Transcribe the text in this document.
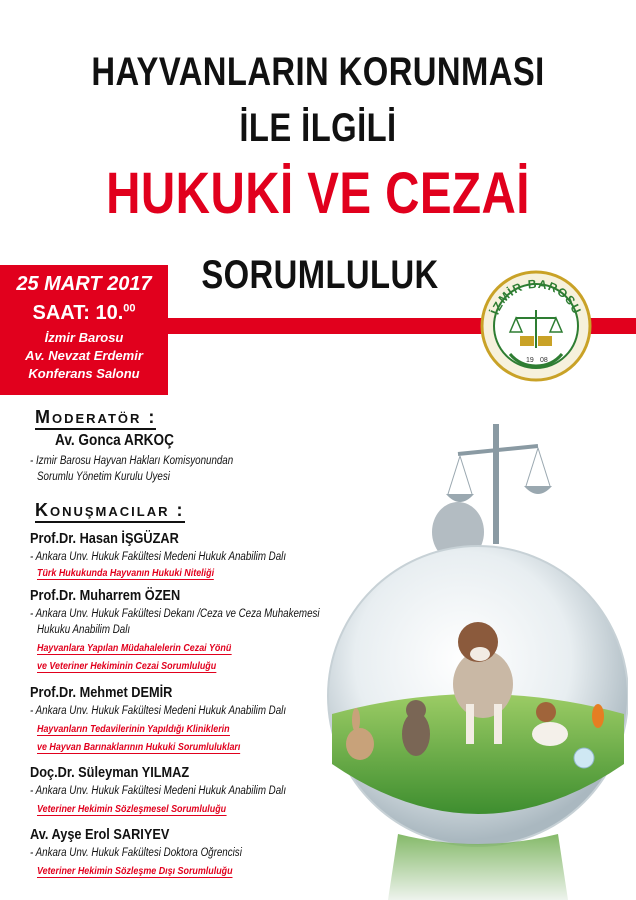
HAYVANLARIN KORUNMASI
İLE İLGİLİ
HUKUKİ VE CEZAİ
SORUMLULUK
25 MART 2017
SAAT: 10.00
İzmir Barosu
Av. Nevzat Erdemir
Konferans Salonu
İZMİR BAROSU
19 08
Moderatör :
Av. Gonca ARKOÇ
- İzmir Barosu Hayvan Hakları Komisyonundan
Sorumlu Yönetim Kurulu Üyesi
Konuşmacılar :
Prof.Dr. Hasan İŞGÜZAR
- Ankara Ünv. Hukuk Fakültesi Medeni Hukuk Anabilim Dalı
Türk Hukukunda Hayvanın Hukuki Niteliği
Prof.Dr. Muharrem ÖZEN
- Ankara Ünv. Hukuk Fakültesi Dekanı /Ceza ve Ceza Muhakemesi
Hukuku Anabilim Dalı
Hayvanlara Yapılan Müdahalelerin Cezai Yönü
ve Veteriner Hekiminin Cezai Sorumluluğu
Prof.Dr. Mehmet DEMİR
- Ankara Ünv. Hukuk Fakültesi Medeni Hukuk Anabilim Dalı
Hayvanların Tedavilerinin Yapıldığı Kliniklerin
ve Hayvan Barınaklarının Hukuki Sorumlulukları
Doç.Dr. Süleyman YILMAZ
- Ankara Ünv. Hukuk Fakültesi Medeni Hukuk Anabilim Dalı
Veteriner Hekimin Sözleşmesel Sorumluluğu
Av. Ayşe Erol SARIYEV
- Ankara Ünv. Hukuk Fakültesi Doktora Öğrencisi
Veteriner Hekimin Sözleşme Dışı Sorumluluğu
